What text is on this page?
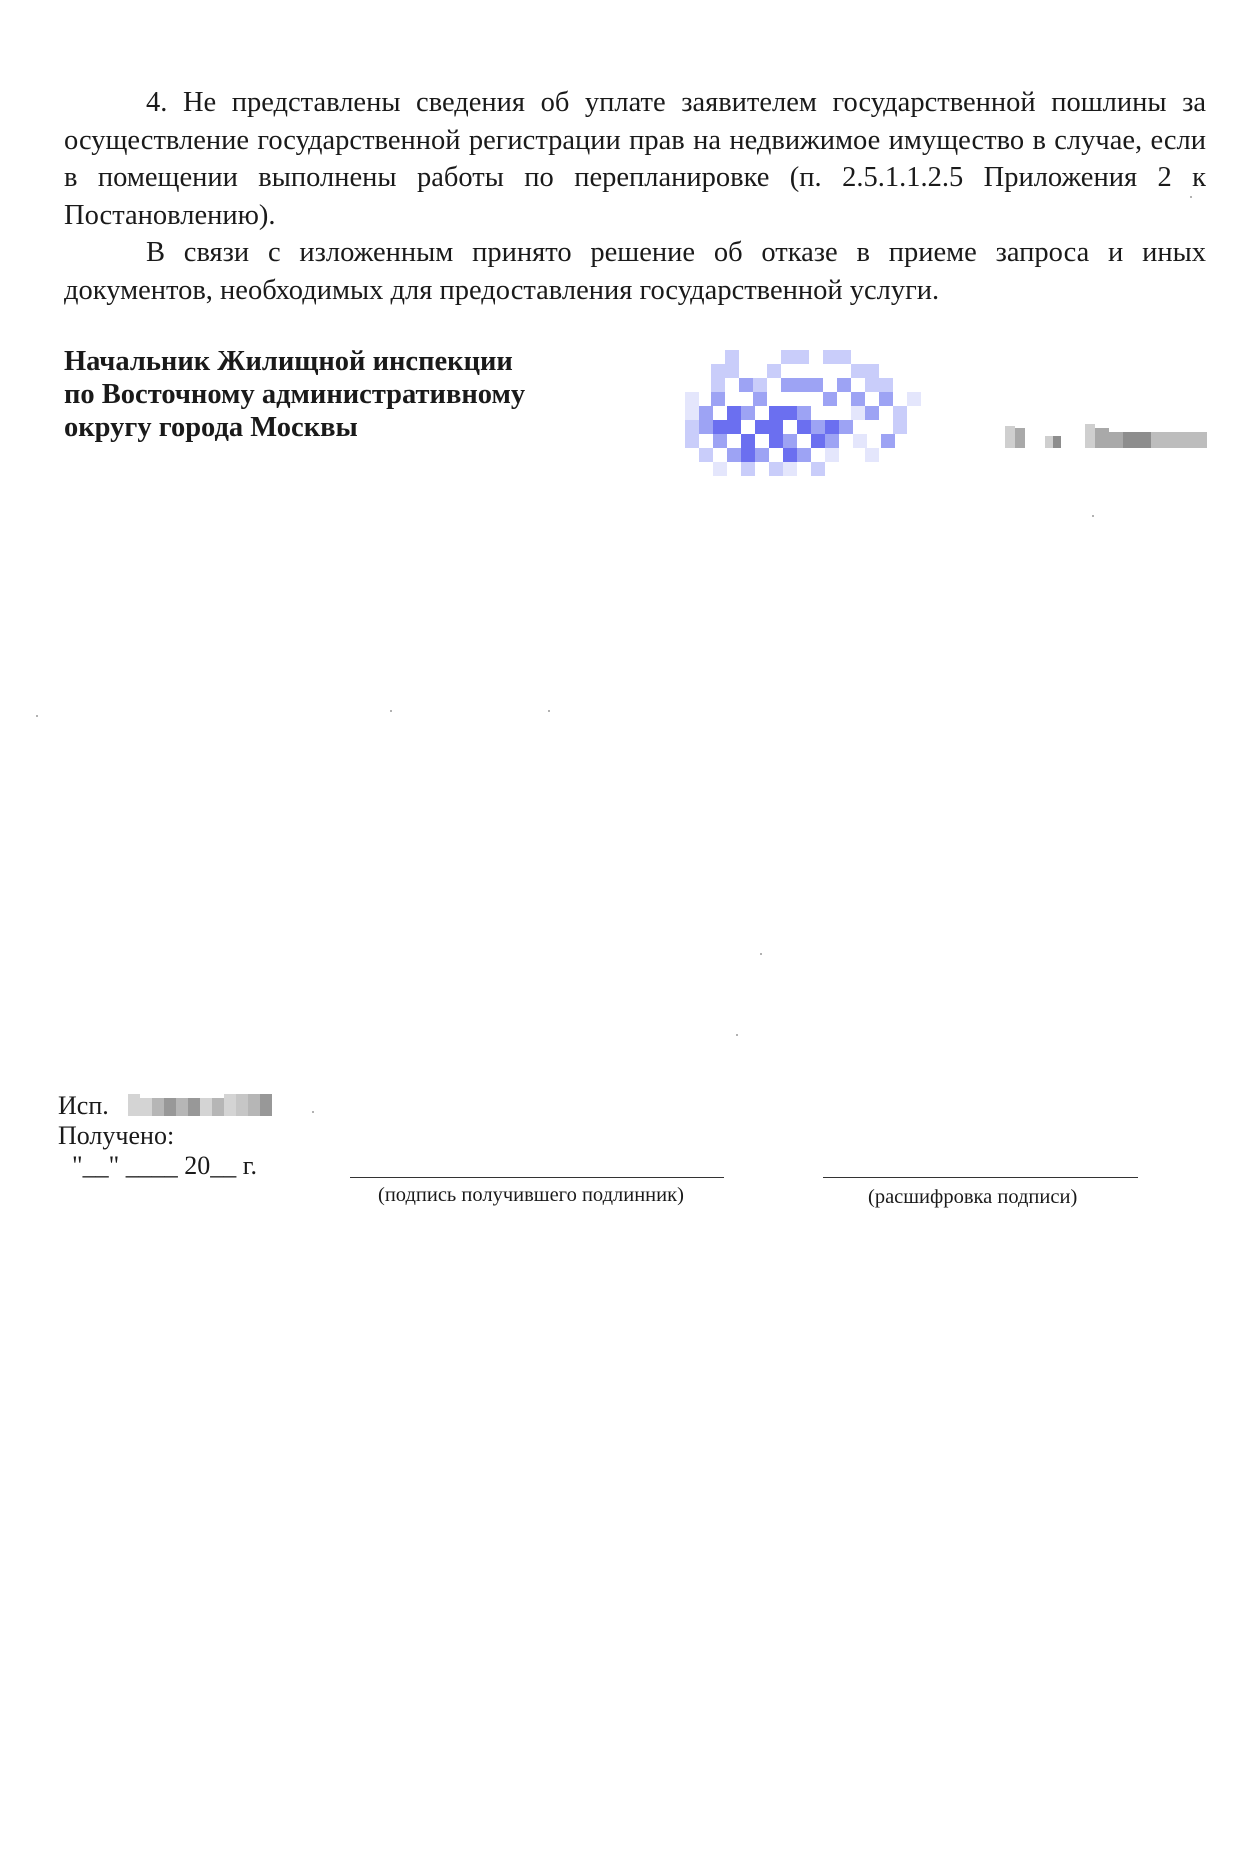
4. Не представлены сведения об уплате заявителем государственной пошлины за осуществление государственной регистрации прав на недвижимое имущество в случае, если в помещении выполнены работы по перепланировке (п. 2.5.1.1.2.5 Приложения 2 к Постановлению).

В связи с изложенным принято решение об отказе в приеме запроса и иных документов, необходимых для предоставления государственной услуги.

Начальник Жилищной инспекции
по Восточному административному
округу города Москвы
Исп.
Получено:
"__" ____ 20__ г.
(подпись получившего подлинник)	(расшифровка подписи)
